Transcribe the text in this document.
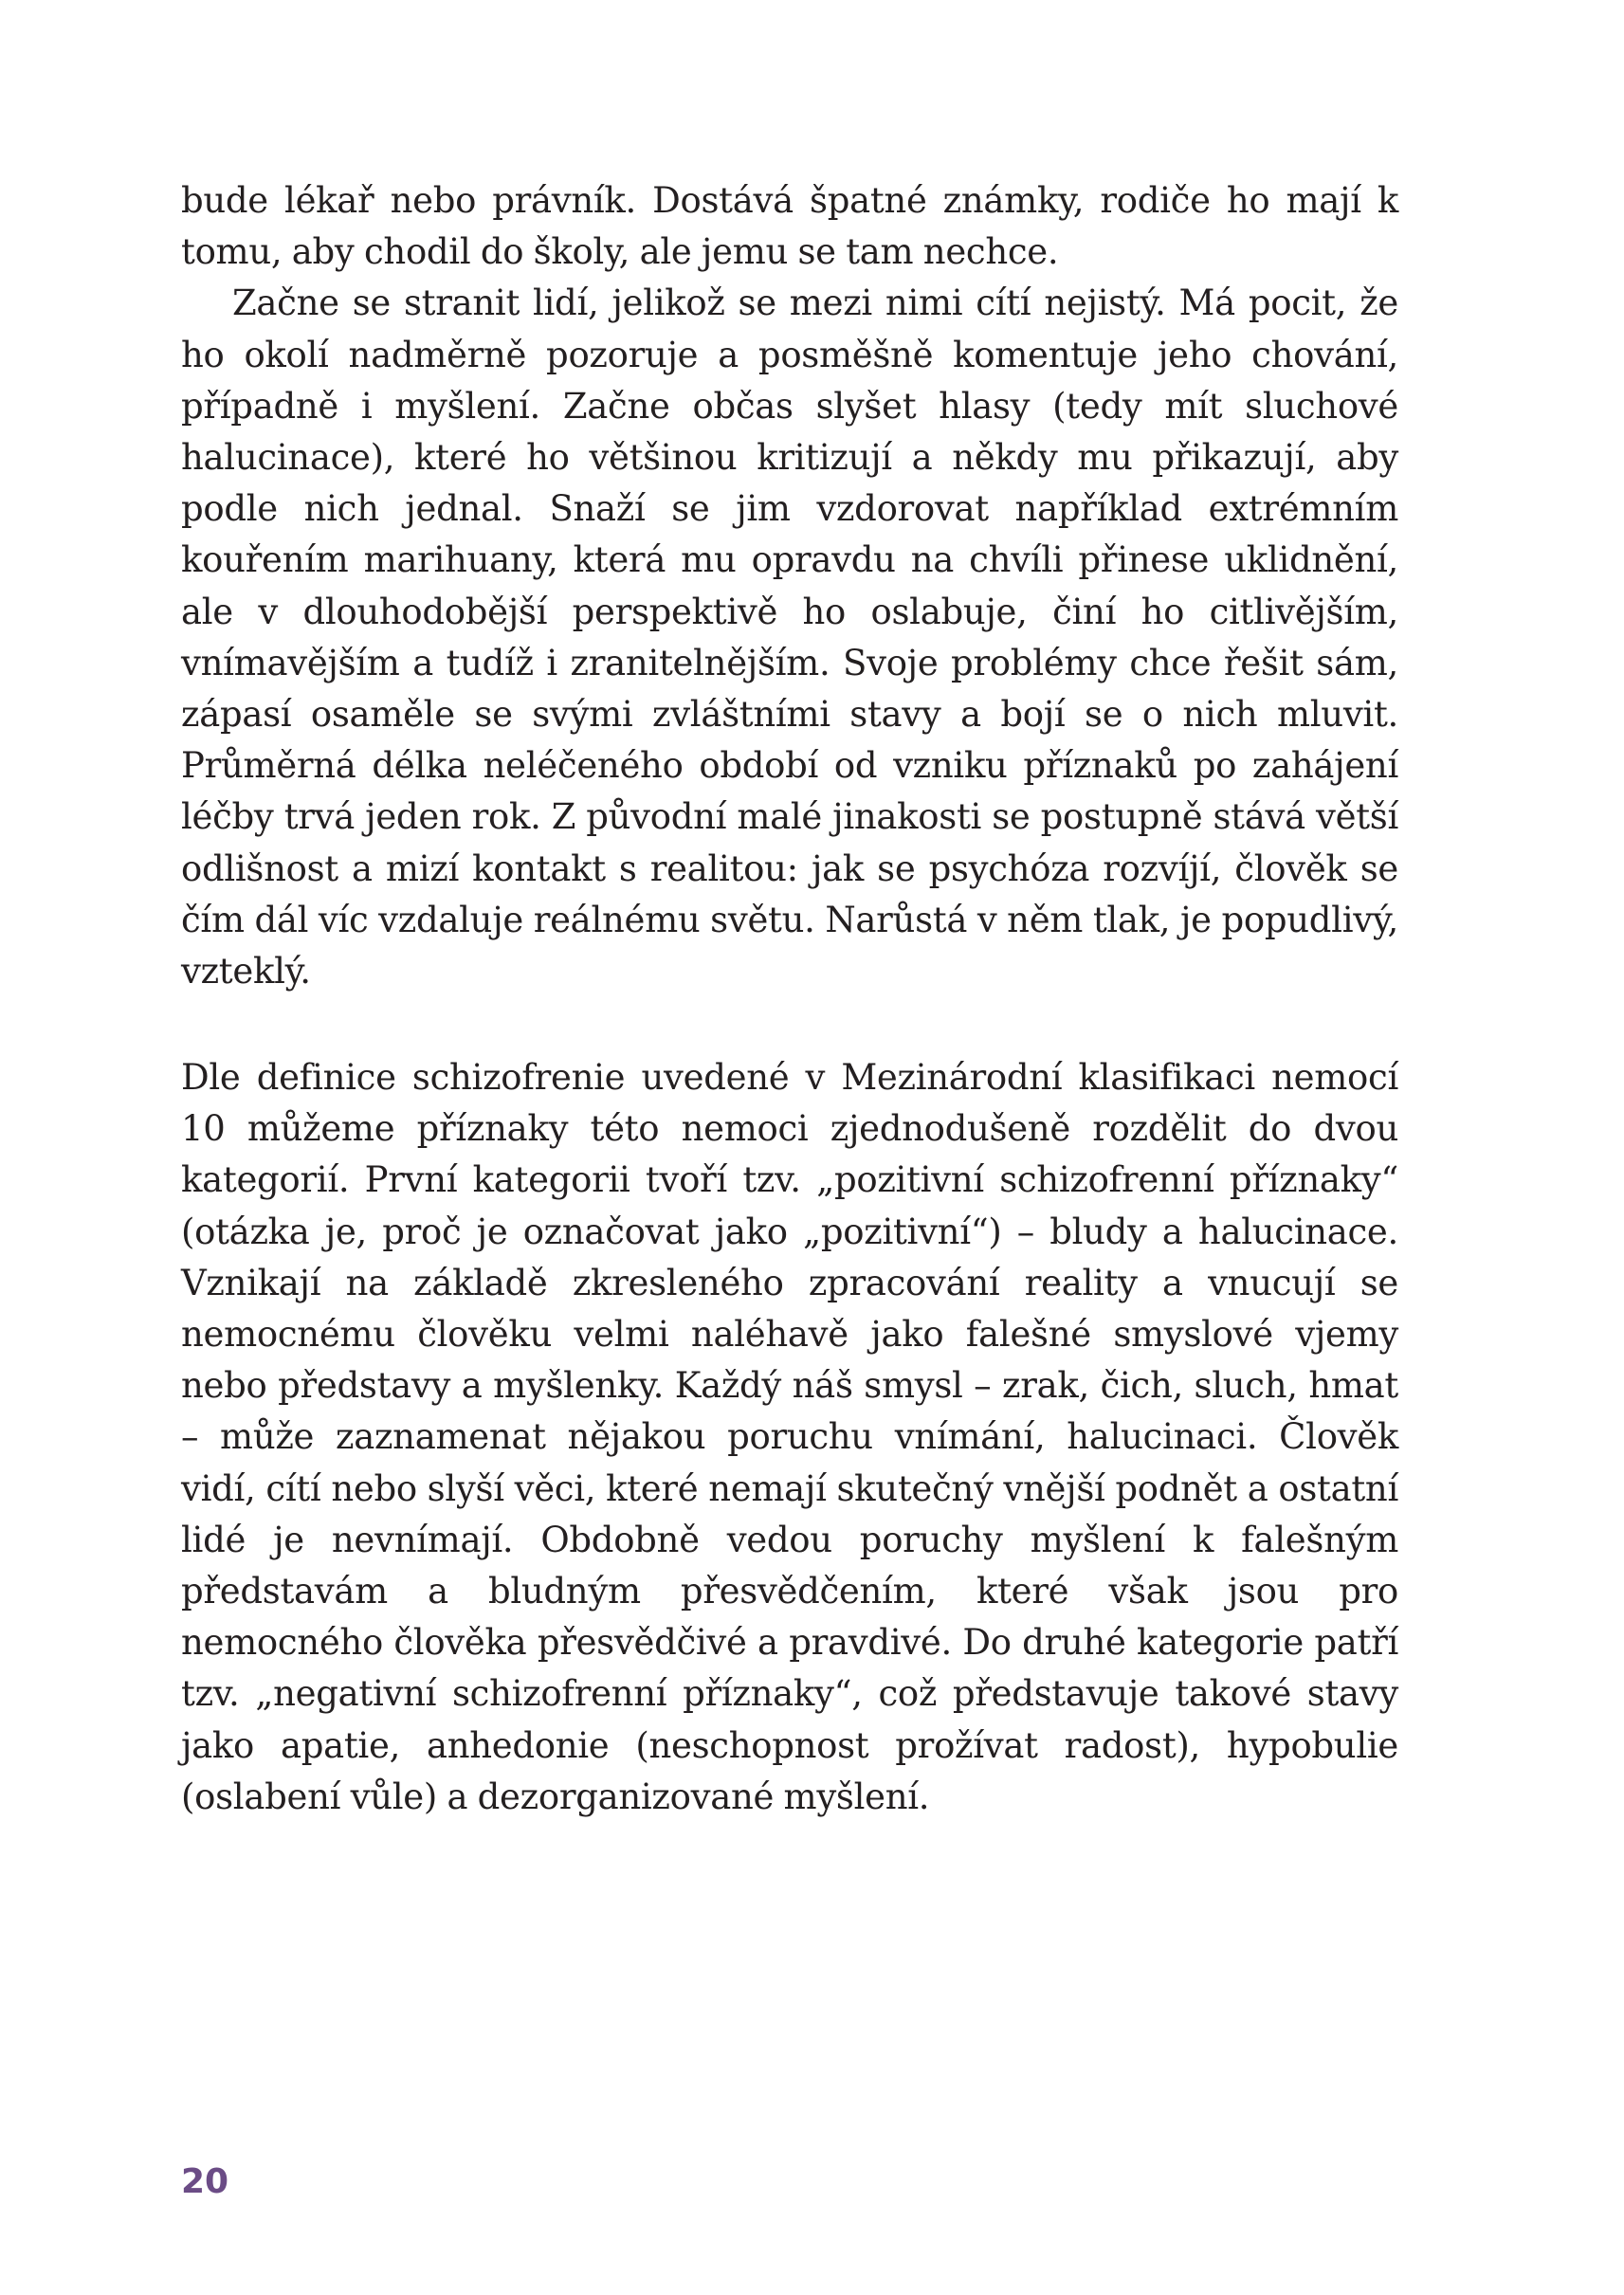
bude lékař nebo právník. Dostává špatné známky, rodiče ho mají k tomu, aby chodil do školy, ale jemu se tam nechce.

Začne se stranit lidí, jelikož se mezi nimi cítí nejistý. Má pocit, že ho okolí nadměrně pozoruje a posměšně komentuje jeho chování, případně i myšlení. Začne občas slyšet hlasy (tedy mít sluchové halucinace), které ho většinou kritizují a někdy mu přikazují, aby podle nich jednal. Snaží se jim vzdorovat například extrémním kouřením marihuany, která mu opravdu na chvíli přinese uklidnění, ale v dlouhodobější perspektivě ho oslabuje, činí ho citlivějším, vnímavějším a tudíž i zranitelnějším. Svoje problémy chce řešit sám, zápasí osaměle se svými zvláštními stavy a bojí se o nich mluvit. Průměrná délka neléčeného období od vzniku příznaků po zahájení léčby trvá jeden rok. Z původní malé jinakosti se postupně stává větší odlišnost a mizí kontakt s realitou: jak se psychóza rozvíjí, člověk se čím dál víc vzdaluje reálnému světu. Narůstá v něm tlak, je popudlivý, vzteklý.

Dle definice schizofrenie uvedené v Mezinárodní klasifikaci nemocí 10 můžeme příznaky této nemoci zjednodušeně rozdělit do dvou kategorií. První kategorii tvoří tzv. „pozitivní schizofrenní příznaky“ (otázka je, proč je označovat jako „pozitivní“) – bludy a halucinace. Vznikají na základě zkresleného zpracování reality a vnucují se nemocnému člověku velmi naléhavě jako falešné smyslové vjemy nebo představy a myšlenky. Každý náš smysl – zrak, čich, sluch, hmat – může zaznamenat nějakou poruchu vnímání, halucinaci. Člověk vidí, cítí nebo slyší věci, které nemají skutečný vnější podnět a ostatní lidé je nevnímají. Obdobně vedou poruchy myšlení k falešným představám a bludným přesvědčením, které však jsou pro nemocného člověka přesvědčivé a pravdivé. Do druhé kategorie patří tzv. „negativní schizofrenní příznaky“, což představuje takové stavy jako apatie, anhedonie (neschopnost prožívat radost), hypobulie (oslabení vůle) a dezorganizované myšlení.

20
